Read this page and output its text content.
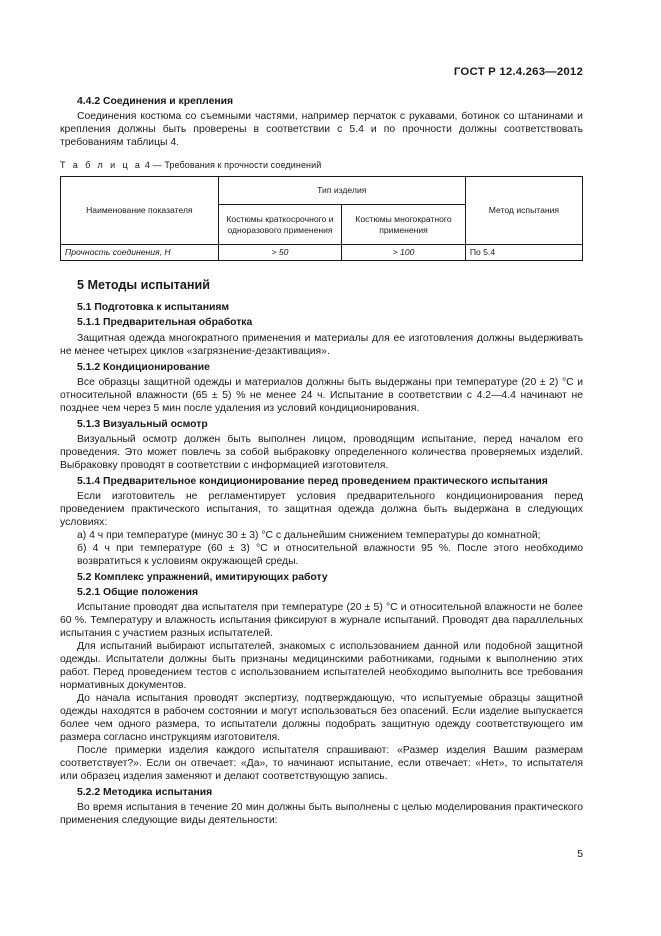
ГОСТ Р 12.4.263—2012

4.4.2 Соединения и крепления

Соединения костюма со съемными частями, например перчаток с рукавами, ботинок со штанинами и крепления должны быть проверены в соответствии с 5.4 и по прочности должны соответствовать требованиям таблицы 4.

Т а б л и ц а 4 — Требования к прочности соединений

Наименование показателя	Тип изделия		Метод испытания
	Костюмы краткосрочного и одноразового применения	Костюмы многократного применения	
Прочность соединения, Н	> 50	> 100	По 5.4

5 Методы испытаний

5.1 Подготовка к испытаниям

5.1.1 Предварительная обработка

Защитная одежда многократного применения и материалы для ее изготовления должны выдерживать не менее четырех циклов «загрязнение-дезактивация».

5.1.2 Кондиционирование

Все образцы защитной одежды и материалов должны быть выдержаны при температуре (20 ± 2) °С и относительной влажности (65 ± 5) % не менее 24 ч. Испытание в соответствии с 4.2—4.4 начинают не позднее чем через 5 мин после удаления из условий кондиционирования.

5.1.3 Визуальный осмотр

Визуальный осмотр должен быть выполнен лицом, проводящим испытание, перед началом его проведения. Это может повлечь за собой выбраковку определенного количества проверяемых изделий. Выбраковку проводят в соответствии с информацией изготовителя.

5.1.4 Предварительное кондиционирование перед проведением практического испытания

Если изготовитель не регламентирует условия предварительного кондиционирования перед проведением практического испытания, то защитная одежда должна быть выдержана в следующих условиях:

а) 4 ч при температуре (минус 30 ± 3) °С с дальнейшим снижением температуры до комнатной;

б) 4 ч при температуре (60 ± 3) °С и относительной влажности 95 %. После этого необходимо возвратиться к условиям окружающей среды.

5.2 Комплекс упражнений, имитирующих работу

5.2.1 Общие положения

Испытание проводят два испытателя при температуре (20 ± 5) °С и относительной влажности не более 60 %. Температуру и влажность испытания фиксируют в журнале испытаний. Проводят два параллельных испытания с участием разных испытателей.

Для испытаний выбирают испытателей, знакомых с использованием данной или подобной защитной одежды. Испытатели должны быть признаны медицинскими работниками, годными к выполнению этих работ. Перед проведением тестов с использованием испытателей необходимо выполнить все требования нормативных документов.

До начала испытания проводят экспертизу, подтверждающую, что испытуемые образцы защитной одежды находятся в рабочем состоянии и могут использоваться без опасений. Если изделие выпускается более чем одного размера, то испытатели должны подобрать защитную одежду соответствующего им размера согласно инструкциям изготовителя.

После примерки изделия каждого испытателя спрашивают: «Размер изделия Вашим размерам соответствует?». Если он отвечает: «Да», то начинают испытание, если отвечает: «Нет», то испытателя или образец изделия заменяют и делают соответствующую запись.

5.2.2 Методика испытания

Во время испытания в течение 20 мин должны быть выполнены с целью моделирования практического применения следующие виды деятельности:

5
